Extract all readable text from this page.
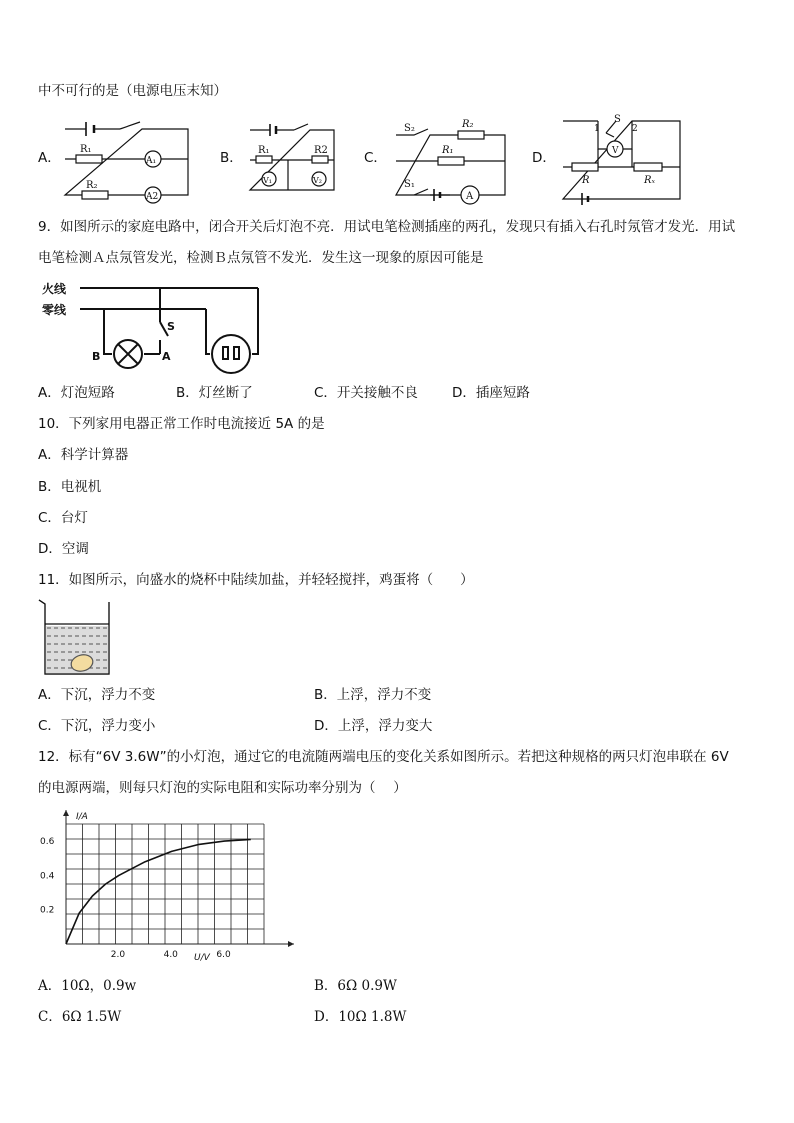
中不可行的是（电源电压末知）
A．
R₁
A₁
R₂
A2
B． R₁	R2
V₁	V₂
C．
S₂	R₂
R₁
S₁
A
D．
S
1	2
V
R	Rₓ
9．如图所示的家庭电路中，闭合开关后灯泡不亮．用试电笔检测插座的两孔，发现只有插入右孔时氖管才发光．用试
电笔检测Ａ点氖管发光，检测Ｂ点氖管不发光．发生这一现象的原因可能是
火线
零线
S
B	A
A．灯泡短路	B．灯丝断了	C．开关接触不良	D．插座短路
10．下列家用电器正常工作时电流接近 5A 的是
A．科学计算器
B．电视机
C．台灯
D．空调
11．如图所示，向盛水的烧杯中陆续加盐，并轻轻搅拌，鸡蛋将（　　）
A．下沉，浮力不变	B．上浮，浮力不变
C．下沉，浮力变小	D．上浮，浮力变大
12．标有“6V 3.6W”的小灯泡，通过它的电流随两端电压的变化关系如图所示。若把这种规格的两只灯泡串联在 6V
的电源两端，则每只灯泡的实际电阻和实际功率分别为（　 ）
2.0	4.0	6.0
0.2
0.4
0.6
I/A
U/V
A．10Ω，0.9w	B．6Ω 0.9W
C．6Ω 1.5W	D．10Ω 1.8W
